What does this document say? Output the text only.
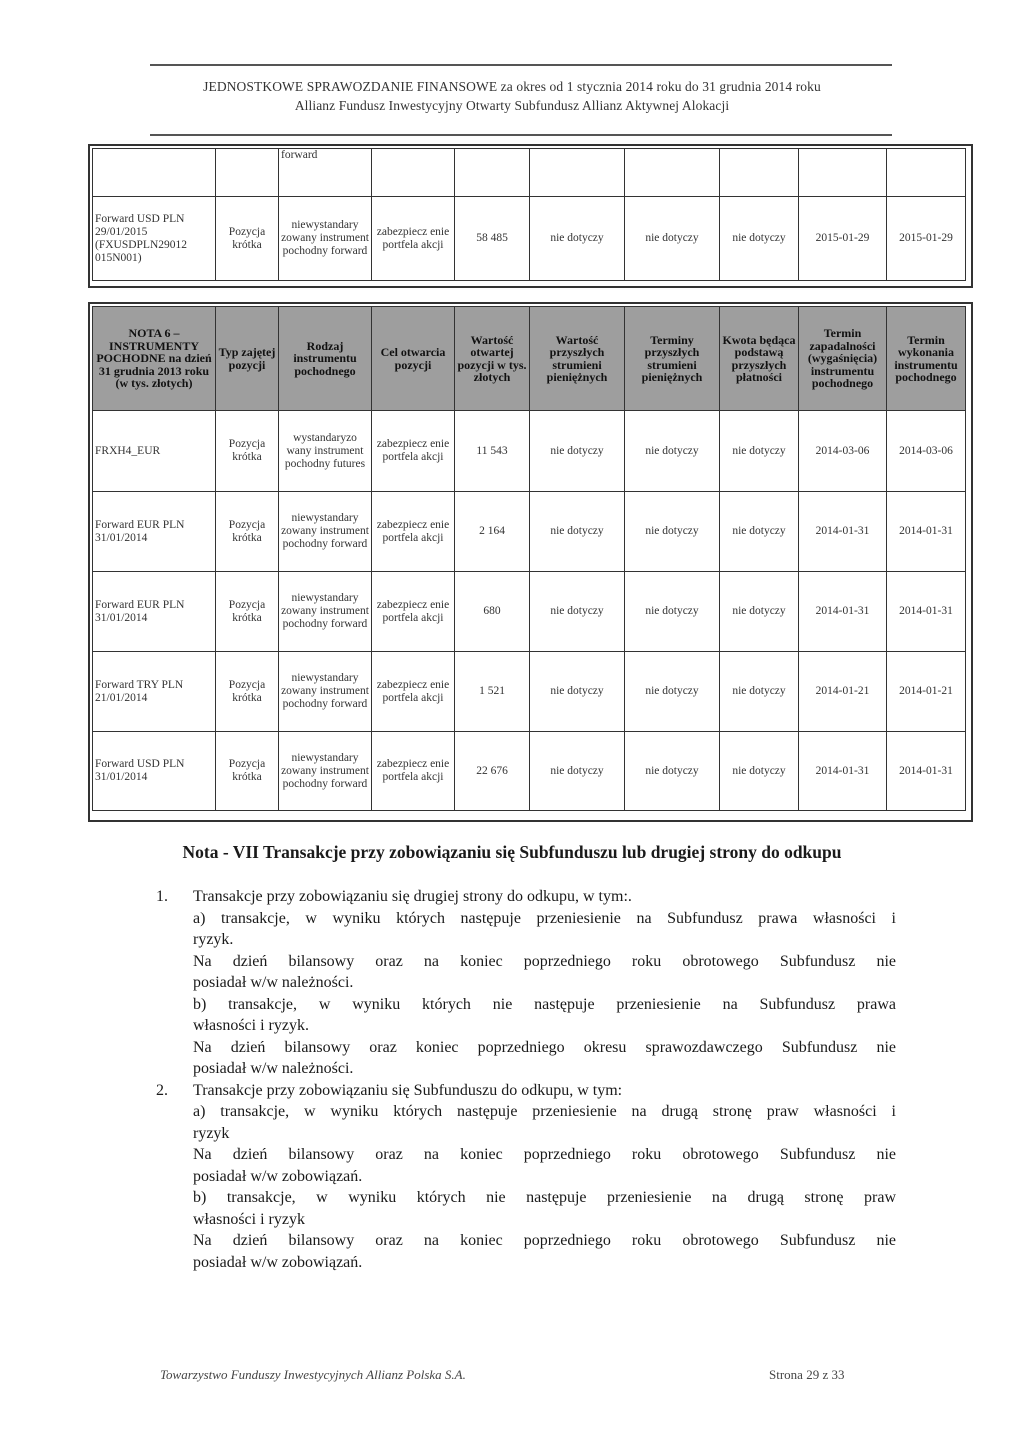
JEDNOSTKOWE SPRAWOZDANIE FINANSOWE za okres od 1 stycznia 2014 roku do 31 grudnia 2014 roku
Allianz Fundusz Inwestycyjny Otwarty Subfundusz Allianz Aktywnej Alokacji
		forward							
Forward USD PLN 29/01/2015 (FXUSDPLN29012 015N001)	Pozycja krótka	niewystandary zowany instrument pochodny forward	zabezpiecz enie portfela akcji	58 485	nie dotyczy	nie dotyczy	nie dotyczy	2015-01-29	2015-01-29
NOTA 6 – INSTRUMENTY POCHODNE na dzień 31 grudnia 2013 roku (w tys. złotych)	Typ zajętej pozycji	Rodzaj instrumentu pochodnego	Cel otwarcia pozycji	Wartość otwartej pozycji w tys. złotych	Wartość przyszłych strumieni pieniężnych	Terminy przyszłych strumieni pieniężnych	Kwota będąca podstawą przyszłych płatności	Termin zapadalności (wygaśnięcia) instrumentu pochodnego	Termin wykonania instrumentu pochodnego
FRXH4_EUR	Pozycja krótka	wystandaryzo wany instrument pochodny futures	zabezpiecz enie portfela akcji	11 543	nie dotyczy	nie dotyczy	nie dotyczy	2014-03-06	2014-03-06
Forward EUR PLN 31/01/2014	Pozycja krótka	niewystandary zowany instrument pochodny forward	zabezpiecz enie portfela akcji	2 164	nie dotyczy	nie dotyczy	nie dotyczy	2014-01-31	2014-01-31
Forward EUR PLN 31/01/2014	Pozycja krótka	niewystandary zowany instrument pochodny forward	zabezpiecz enie portfela akcji	680	nie dotyczy	nie dotyczy	nie dotyczy	2014-01-31	2014-01-31
Forward TRY PLN 21/01/2014	Pozycja krótka	niewystandary zowany instrument pochodny forward	zabezpiecz enie portfela akcji	1 521	nie dotyczy	nie dotyczy	nie dotyczy	2014-01-21	2014-01-21
Forward USD PLN 31/01/2014	Pozycja krótka	niewystandary zowany instrument pochodny forward	zabezpiecz enie portfela akcji	22 676	nie dotyczy	nie dotyczy	nie dotyczy	2014-01-31	2014-01-31
Nota - VII Transakcje przy zobowiązaniu się Subfunduszu lub drugiej strony do odkupu
1.	Transakcje przy zobowiązaniu się drugiej strony do odkupu, w tym:.
a) transakcje, w wyniku których następuje przeniesienie na Subfundusz prawa własności i
ryzyk.
Na dzień bilansowy oraz na koniec poprzedniego roku obrotowego Subfundusz nie
posiadał w/w należności.
b) transakcje, w wyniku których nie następuje przeniesienie na Subfundusz prawa
własności i ryzyk.
Na dzień bilansowy oraz koniec poprzedniego okresu sprawozdawczego Subfundusz nie
posiadał w/w należności.
2.	Transakcje przy zobowiązaniu się Subfunduszu do odkupu, w tym:
a) transakcje, w wyniku których następuje przeniesienie na drugą stronę praw własności i
ryzyk
Na dzień bilansowy oraz na koniec poprzedniego roku obrotowego Subfundusz nie
posiadał w/w zobowiązań.
b) transakcje, w wyniku których nie następuje przeniesienie na drugą stronę praw
własności i ryzyk
Na dzień bilansowy oraz na koniec poprzedniego roku obrotowego Subfundusz nie
posiadał w/w zobowiązań.
Towarzystwo Funduszy Inwestycyjnych Allianz Polska S.A.	Strona 29 z 33
